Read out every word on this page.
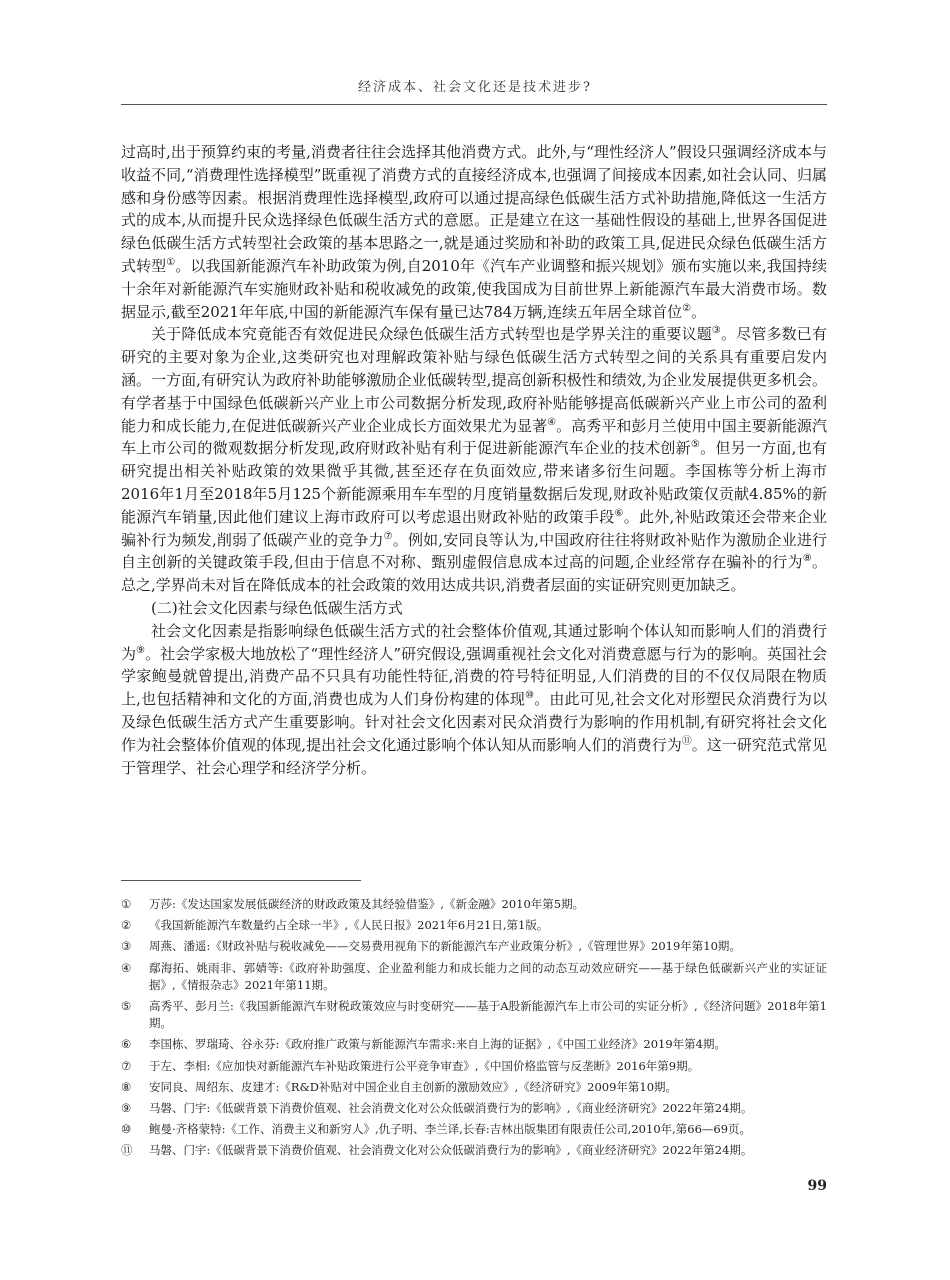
经济成本、社会文化还是技术进步?

过高时,出于预算约束的考量,消费者往往会选择其他消费方式。此外,与“理性经济人”假设只强调经济成本与收益不同,“消费理性选择模型”既重视了消费方式的直接经济成本,也强调了间接成本因素,如社会认同、归属感和身份感等因素。根据消费理性选择模型,政府可以通过提高绿色低碳生活方式补助措施,降低这一生活方式的成本,从而提升民众选择绿色低碳生活方式的意愿。正是建立在这一基础性假设的基础上,世界各国促进绿色低碳生活方式转型社会政策的基本思路之一,就是通过奖励和补助的政策工具,促进民众绿色低碳生活方式转型①。以我国新能源汽车补助政策为例,自2010年《汽车产业调整和振兴规划》颁布实施以来,我国持续十余年对新能源汽车实施财政补贴和税收减免的政策,使我国成为目前世界上新能源汽车最大消费市场。数据显示,截至2021年年底,中国的新能源汽车保有量已达784万辆,连续五年居全球首位②。

关于降低成本究竟能否有效促进民众绿色低碳生活方式转型也是学界关注的重要议题③。尽管多数已有研究的主要对象为企业,这类研究也对理解政策补贴与绿色低碳生活方式转型之间的关系具有重要启发内涵。一方面,有研究认为政府补助能够激励企业低碳转型,提高创新积极性和绩效,为企业发展提供更多机会。有学者基于中国绿色低碳新兴产业上市公司数据分析发现,政府补贴能够提高低碳新兴产业上市公司的盈利能力和成长能力,在促进低碳新兴产业企业成长方面效果尤为显著④。高秀平和彭月兰使用中国主要新能源汽车上市公司的微观数据分析发现,政府财政补贴有利于促进新能源汽车企业的技术创新⑤。但另一方面,也有研究提出相关补贴政策的效果微乎其微,甚至还存在负面效应,带来诸多衍生问题。李国栋等分析上海市2016年1月至2018年5月125个新能源乘用车车型的月度销量数据后发现,财政补贴政策仅贡献4.85%的新能源汽车销量,因此他们建议上海市政府可以考虑退出财政补贴的政策手段⑥。此外,补贴政策还会带来企业骗补行为频发,削弱了低碳产业的竞争力⑦。例如,安同良等认为,中国政府往往将财政补贴作为激励企业进行自主创新的关键政策手段,但由于信息不对称、甄别虚假信息成本过高的问题,企业经常存在骗补的行为⑧。总之,学界尚未对旨在降低成本的社会政策的效用达成共识,消费者层面的实证研究则更加缺乏。

(二)社会文化因素与绿色低碳生活方式

社会文化因素是指影响绿色低碳生活方式的社会整体价值观,其通过影响个体认知而影响人们的消费行为⑨。社会学家极大地放松了“理性经济人”研究假设,强调重视社会文化对消费意愿与行为的影响。英国社会学家鲍曼就曾提出,消费产品不只具有功能性特征,消费的符号特征明显,人们消费的目的不仅仅局限在物质上,也包括精神和文化的方面,消费也成为人们身份构建的体现⑩。由此可见,社会文化对形塑民众消费行为以及绿色低碳生活方式产生重要影响。针对社会文化因素对民众消费行为影响的作用机制,有研究将社会文化作为社会整体价值观的体现,提出社会文化通过影响个体认知从而影响人们的消费行为⑪。这一研究范式常见于管理学、社会心理学和经济学分析。

①	万莎:《发达国家发展低碳经济的财政政策及其经验借鉴》,《新金融》2010年第5期。
②	《我国新能源汽车数量约占全球一半》,《人民日报》2021年6月21日,第1版。
③	周燕、潘遥:《财政补贴与税收减免——交易费用视角下的新能源汽车产业政策分析》,《管理世界》2019年第10期。
④	鄢海拓、姚雨非、郭婧等:《政府补助强度、企业盈利能力和成长能力之间的动态互动效应研究——基于绿色低碳新兴产业的实证证据》,《情报杂志》2021年第11期。
⑤	高秀平、彭月兰:《我国新能源汽车财税政策效应与时变研究——基于A股新能源汽车上市公司的实证分析》,《经济问题》2018年第1期。
⑥	李国栋、罗瑞琦、谷永芬:《政府推广政策与新能源汽车需求:来自上海的证据》,《中国工业经济》2019年第4期。
⑦	于左、李相:《应加快对新能源汽车补贴政策进行公平竞争审查》,《中国价格监管与反垄断》2016年第9期。
⑧	安同良、周绍东、皮建才:《R&D补贴对中国企业自主创新的激励效应》,《经济研究》2009年第10期。
⑨	马磐、门宇:《低碳背景下消费价值观、社会消费文化对公众低碳消费行为的影响》,《商业经济研究》2022年第24期。
⑩	鲍曼·齐格蒙特:《工作、消费主义和新穷人》,仇子明、李兰译,长春:吉林出版集团有限责任公司,2010年,第66—69页。
⑪	马磐、门宇:《低碳背景下消费价值观、社会消费文化对公众低碳消费行为的影响》,《商业经济研究》2022年第24期。
99
